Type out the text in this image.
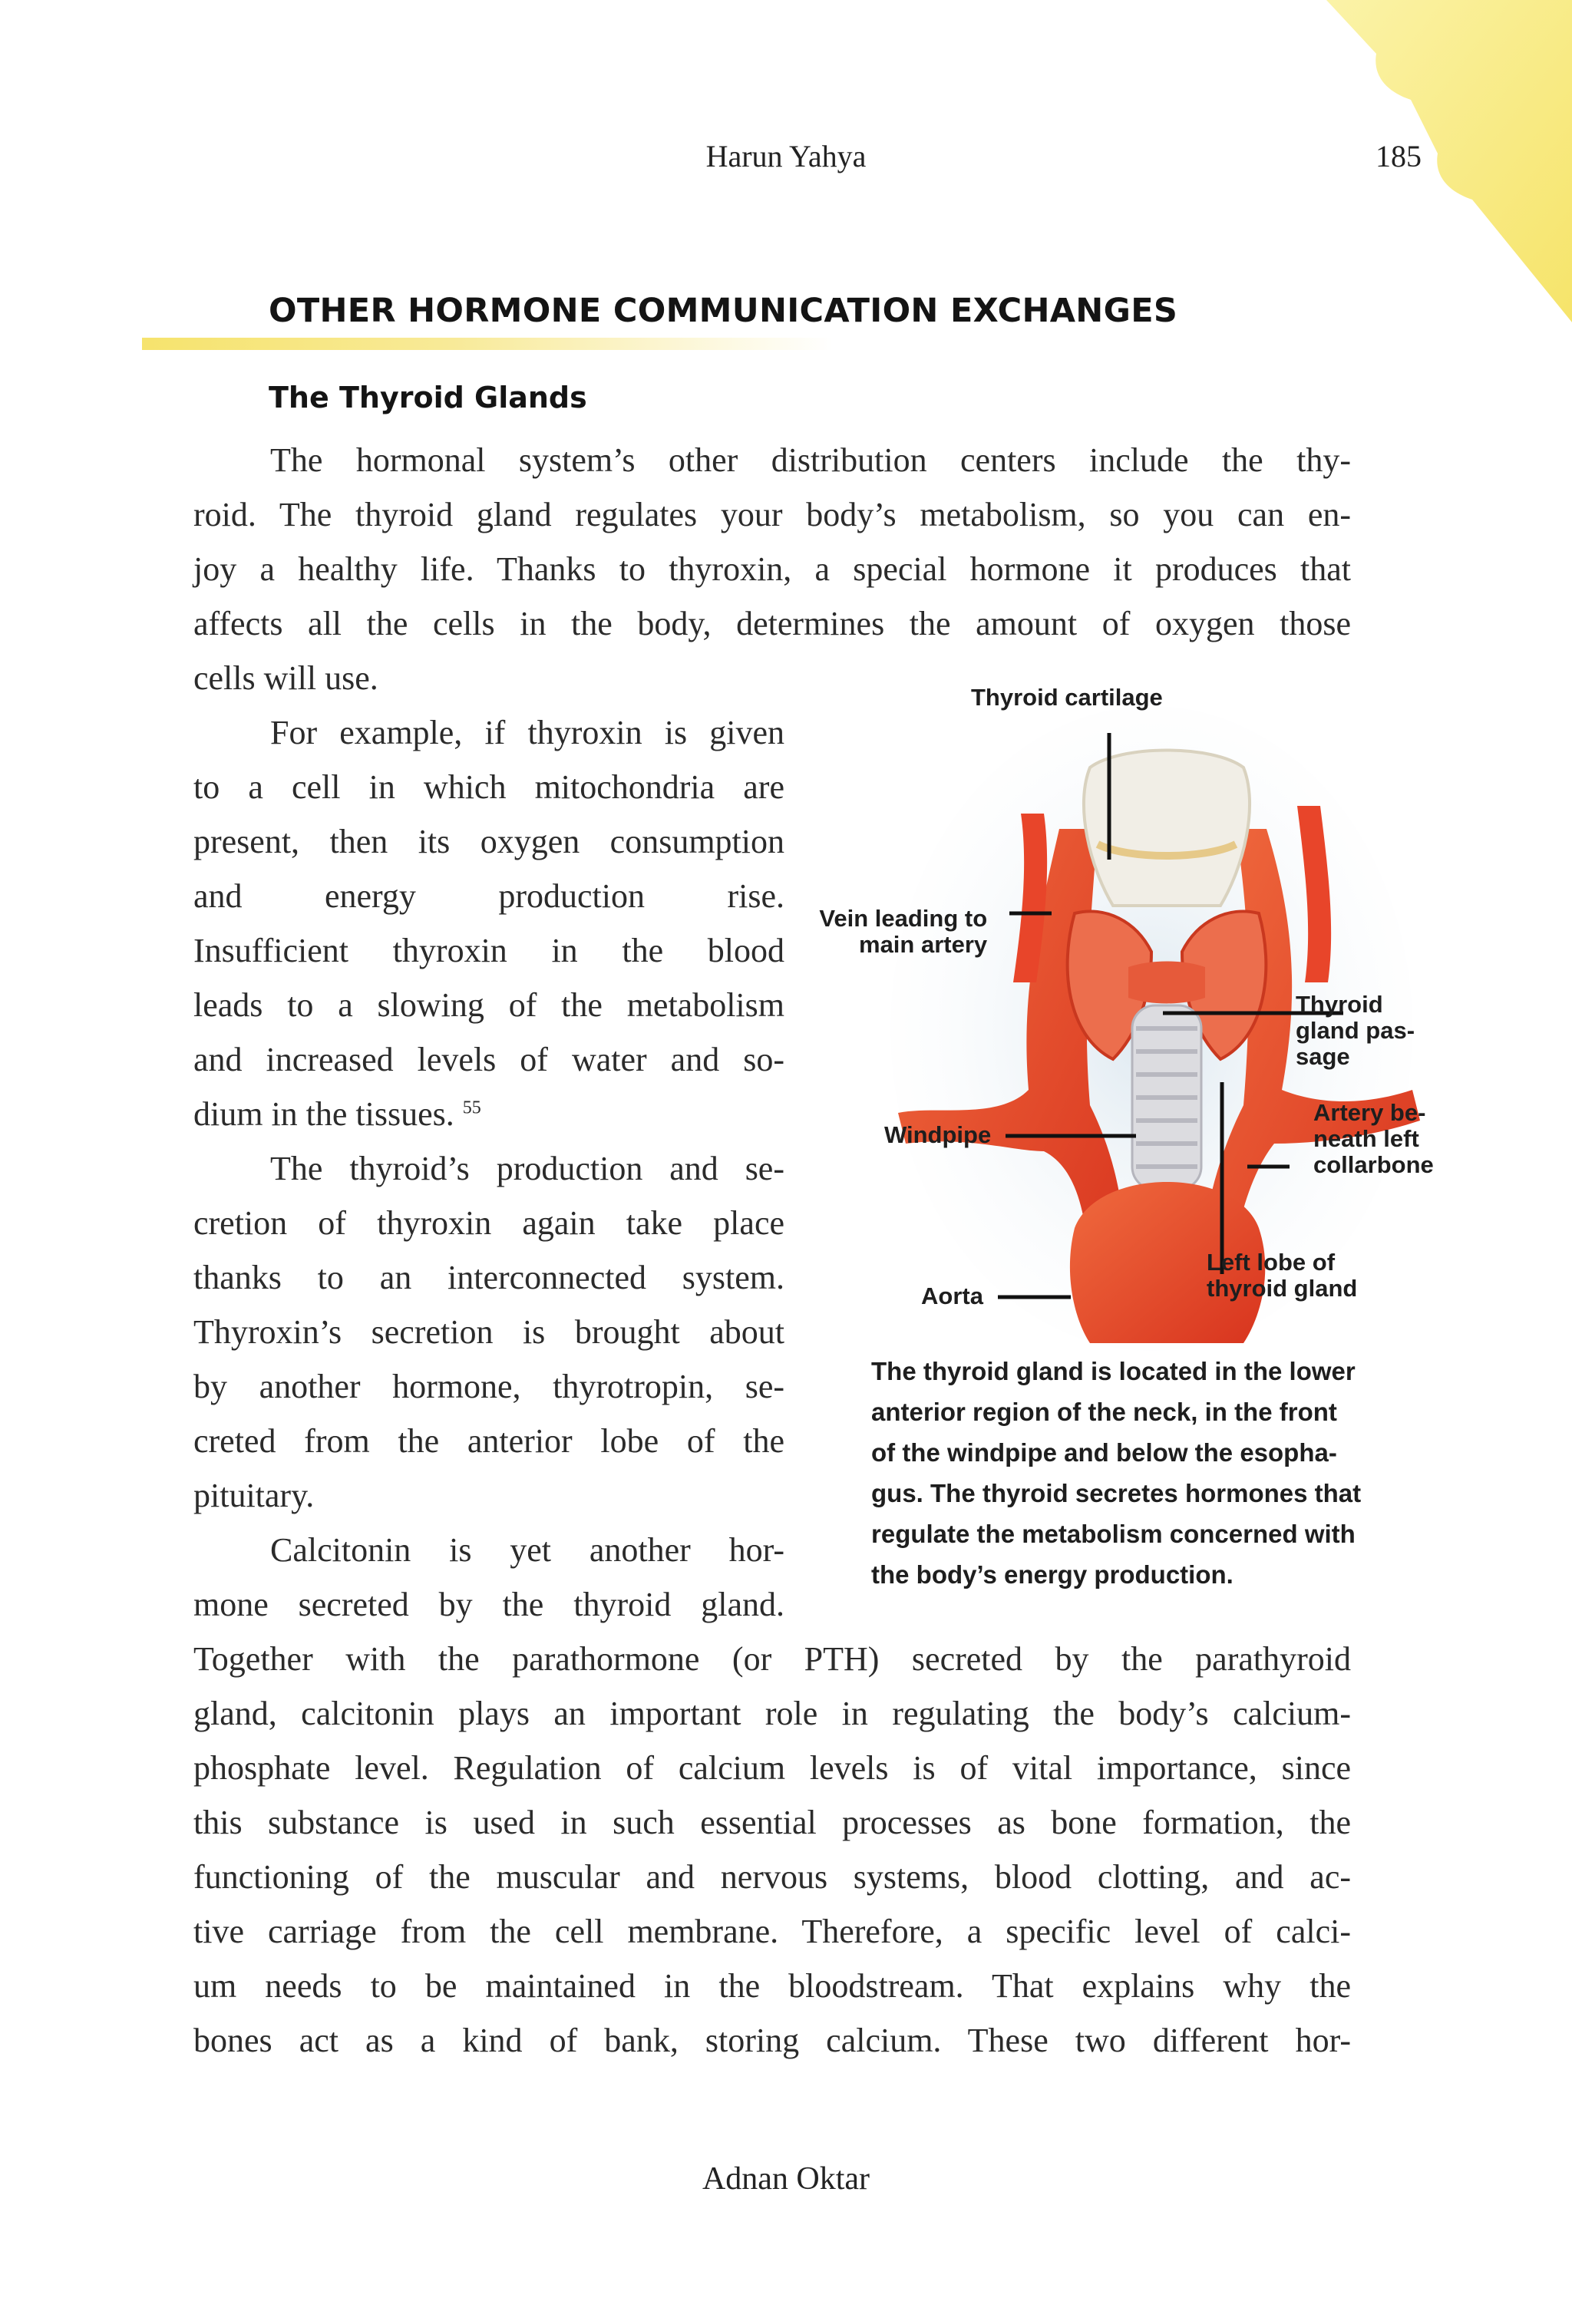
Harun Yahya	185
OTHER HORMONE COMMUNICATION EXCHANGES
The Thyroid Glands
The hormonal system’s other distribution centers include the thy-
roid. The thyroid gland regulates your body’s metabolism, so you can en-
joy a healthy life. Thanks to thyroxin, a special hormone it produces that
affects all the cells in the body, determines the amount of oxygen those
cells will use.
For example, if thyroxin is given
to a cell in which mitochondria are
present, then its oxygen consumption
and energy production rise.
Insufficient thyroxin in the blood
leads to a slowing of the metabolism
and increased levels of water and so-
dium in the tissues. $^{55}$
The thyroid’s production and se-
cretion of thyroxin again take place
thanks to an interconnected system.
Thyroxin’s secretion is brought about
by another hormone, thyrotropin, se-
creted from the anterior lobe of the
pituitary.
Calcitonin is yet another hor-
mone secreted by the thyroid gland.
Together with the parathormone (or PTH) secreted by the parathyroid
gland, calcitonin plays an important role in regulating the body’s calcium-
phosphate level. Regulation of calcium levels is of vital importance, since
this substance is used in such essential processes as bone formation, the
functioning of the muscular and nervous systems, blood clotting, and ac-
tive carriage from the cell membrane. Therefore, a specific level of calci-
um needs to be maintained in the bloodstream. That explains why the
bones act as a kind of bank, storing calcium. These two different hor-
Thyroid cartilage
Vein leading to
main artery
Thyroid
gland pas-
sage
Artery be-
neath left
collarbone
Windpipe
Left lobe of
thyroid gland
Aorta
The thyroid gland is located in the lower
anterior region of the neck, in the front
of the windpipe and below the esopha-
gus. The thyroid secretes hormones that
regulate the metabolism concerned with
the body’s energy production.
Adnan Oktar
